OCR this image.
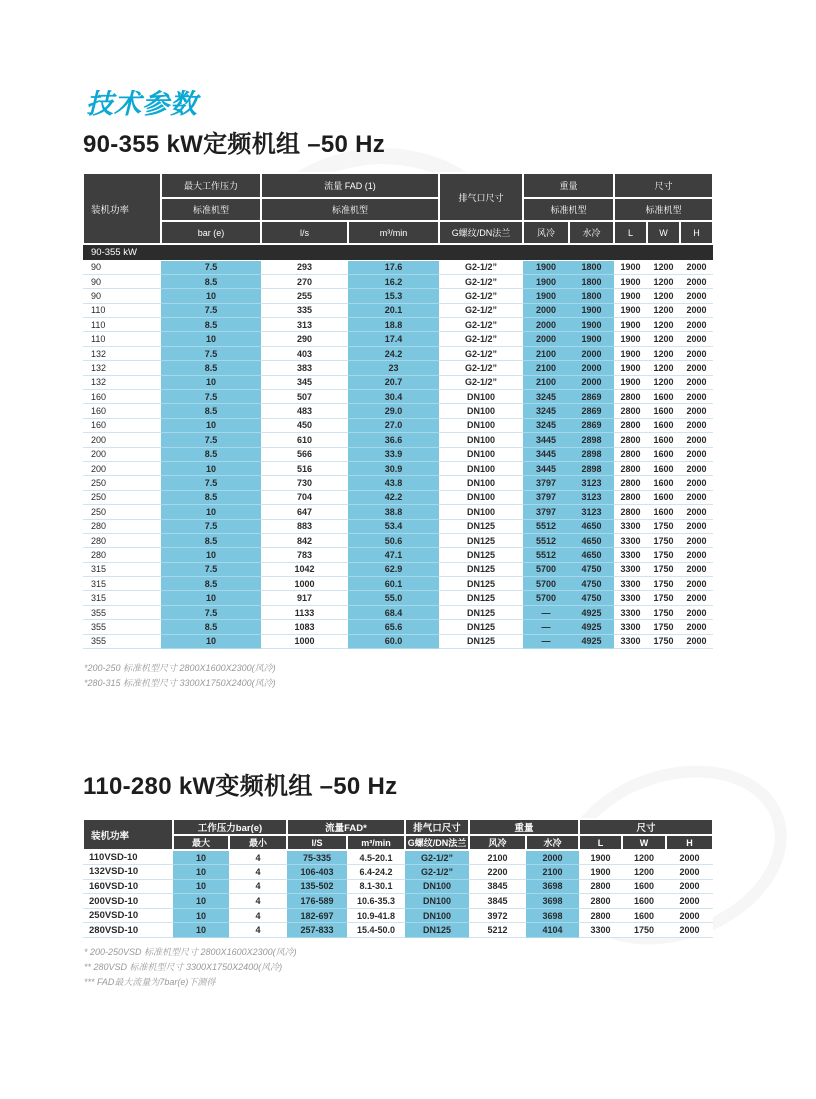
技术参数
90-355 kW定频机组 –50 Hz
装机功率	最大工作压力	流量 FAD (1)		排气口尺寸	重量		尺寸		
	标准机型	标准机型			标准机型		标准机型		
	bar (e)	l/s	m³/min	G螺纹/DN法兰	风冷	水冷	L	W	H
90-355 kW									
90	7.5	293	17.6	G2-1/2”	1900	1800	1900	1200	2000
90	8.5	270	16.2	G2-1/2”	1900	1800	1900	1200	2000
90	10	255	15.3	G2-1/2”	1900	1800	1900	1200	2000
110	7.5	335	20.1	G2-1/2”	2000	1900	1900	1200	2000
110	8.5	313	18.8	G2-1/2”	2000	1900	1900	1200	2000
110	10	290	17.4	G2-1/2”	2000	1900	1900	1200	2000
132	7.5	403	24.2	G2-1/2”	2100	2000	1900	1200	2000
132	8.5	383	23	G2-1/2”	2100	2000	1900	1200	2000
132	10	345	20.7	G2-1/2”	2100	2000	1900	1200	2000
160	7.5	507	30.4	DN100	3245	2869	2800	1600	2000
160	8.5	483	29.0	DN100	3245	2869	2800	1600	2000
160	10	450	27.0	DN100	3245	2869	2800	1600	2000
200	7.5	610	36.6	DN100	3445	2898	2800	1600	2000
200	8.5	566	33.9	DN100	3445	2898	2800	1600	2000
200	10	516	30.9	DN100	3445	2898	2800	1600	2000
250	7.5	730	43.8	DN100	3797	3123	2800	1600	2000
250	8.5	704	42.2	DN100	3797	3123	2800	1600	2000
250	10	647	38.8	DN100	3797	3123	2800	1600	2000
280	7.5	883	53.4	DN125	5512	4650	3300	1750	2000
280	8.5	842	50.6	DN125	5512	4650	3300	1750	2000
280	10	783	47.1	DN125	5512	4650	3300	1750	2000
315	7.5	1042	62.9	DN125	5700	4750	3300	1750	2000
315	8.5	1000	60.1	DN125	5700	4750	3300	1750	2000
315	10	917	55.0	DN125	5700	4750	3300	1750	2000
355	7.5	1133	68.4	DN125	—	4925	3300	1750	2000
355	8.5	1083	65.6	DN125	—	4925	3300	1750	2000
355	10	1000	60.0	DN125	—	4925	3300	1750	2000
*200-250 标准机型尺寸 2800X1600X2300(风冷)
*280-315 标准机型尺寸 3300X1750X2400(风冷)
110-280 kW变频机组 –50 Hz
装机功率	工作压力bar(e)		流量FAD*		排气口尺寸	重量		尺寸		
	最大	最小	l/S	m³/min	G螺纹/DN法兰	风冷	水冷	L	W	H
110VSD-10	10	4	75-335	4.5-20.1	G2-1/2”	2100	2000	1900	1200	2000
132VSD-10	10	4	106-403	6.4-24.2	G2-1/2”	2200	2100	1900	1200	2000
160VSD-10	10	4	135-502	8.1-30.1	DN100	3845	3698	2800	1600	2000
200VSD-10	10	4	176-589	10.6-35.3	DN100	3845	3698	2800	1600	2000
250VSD-10	10	4	182-697	10.9-41.8	DN100	3972	3698	2800	1600	2000
280VSD-10	10	4	257-833	15.4-50.0	DN125	5212	4104	3300	1750	2000
* 200-250VSD 标准机型尺寸 2800X1600X2300(风冷)
** 280VSD 标准机型尺寸 3300X1750X2400(风冷)
*** FAD最大流量为7bar(e)下测得
